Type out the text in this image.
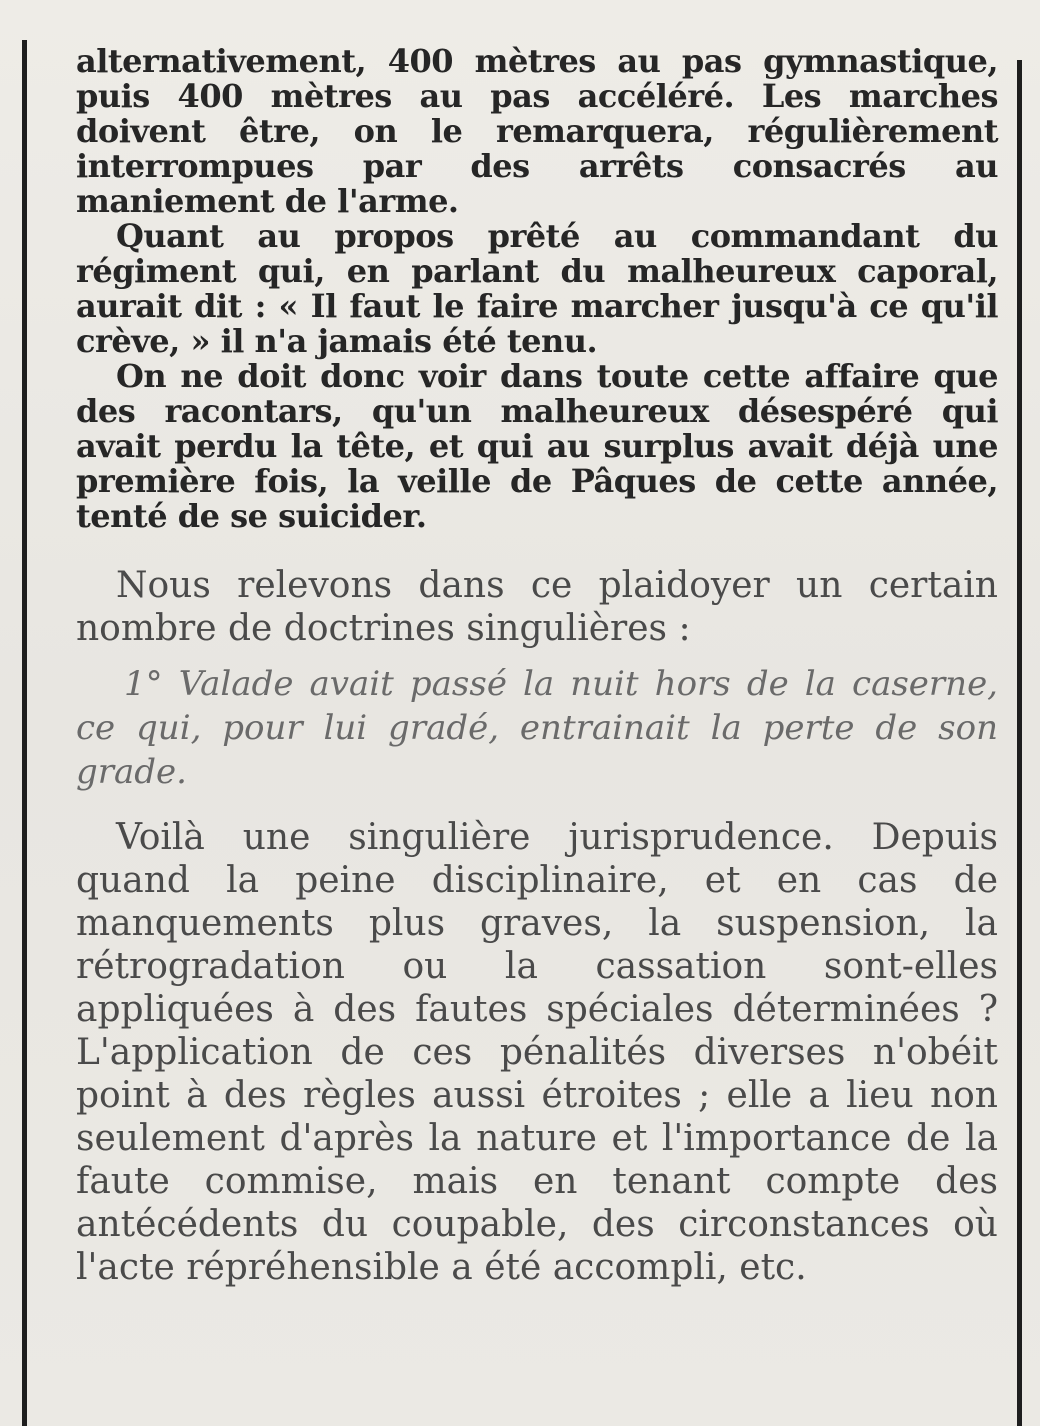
alternativement, 400 mètres au pas gymnastique, puis 400 mètres au pas accéléré. Les marches doivent être, on le remarquera, régulièrement interrompues par des arrêts consacrés au maniement de l'arme.

Quant au propos prêté au commandant du régiment qui, en parlant du malheureux caporal, aurait dit : « Il faut le faire marcher jusqu'à ce qu'il crève, » il n'a jamais été tenu.

On ne doit donc voir dans toute cette affaire que des racontars, qu'un malheureux désespéré qui avait perdu la tête, et qui au surplus avait déjà une première fois, la veille de Pâques de cette année, tenté de se suicider.

Nous relevons dans ce plaidoyer un certain nombre de doctrines singulières :

1° Valade avait passé la nuit hors de la caserne, ce qui, pour lui gradé, entrainait la perte de son grade.

Voilà une singulière jurisprudence. Depuis quand la peine disciplinaire, et en cas de manquements plus graves, la suspension, la rétrogradation ou la cassation sont-elles appliquées à des fautes spéciales déterminées ? L'application de ces pénalités diverses n'obéit point à des règles aussi étroites ; elle a lieu non seulement d'après la nature et l'importance de la faute commise, mais en tenant compte des antécédents du coupable, des circonstances où l'acte répréhensible a été accompli, etc.
